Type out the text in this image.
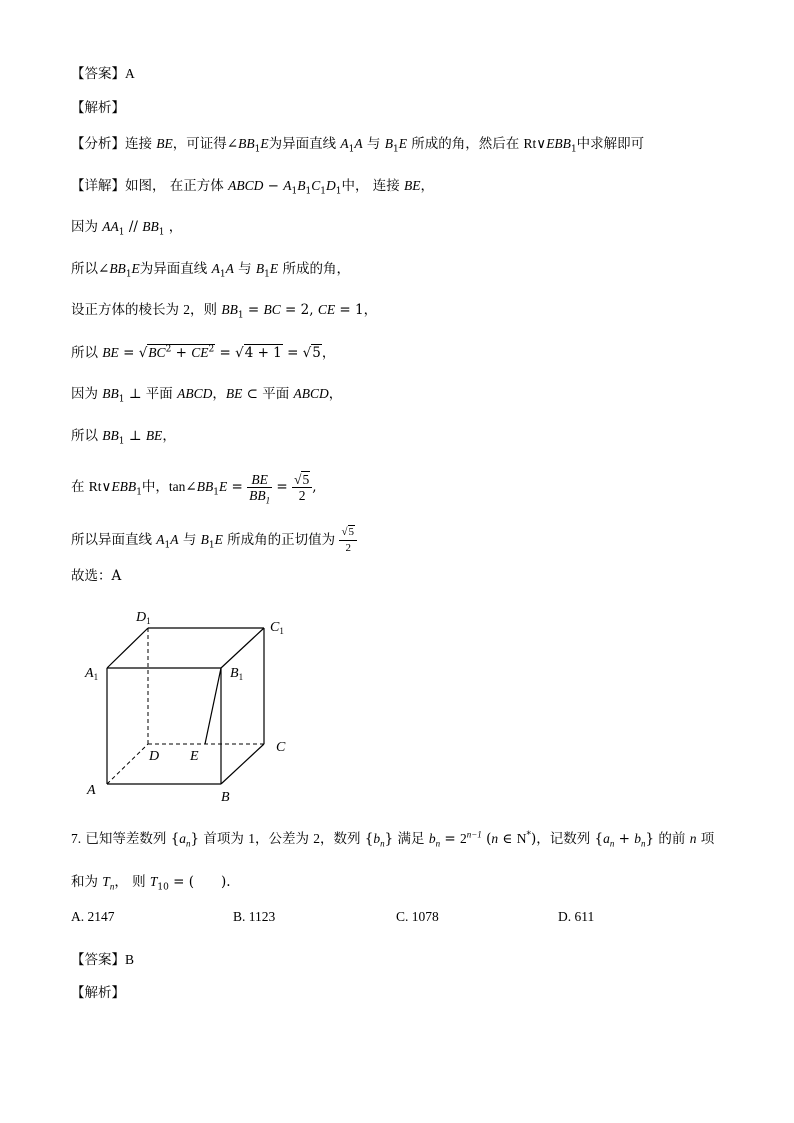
【答案】A
【解析】
【分析】连接 BE，可证得$\angle BB_1E$为异面直线 $A_1A$ 与 $B_1E$ 所成的角，然后在 $Rt\vee EBB_1$中求解即可
【详解】如图， 在正方体 ABCD − $A_1B_1C_1D_1$中， 连接 BE，
因为 $AA_1 // BB_1$ ，
所以$\angle BB_1E$为异面直线 $A_1A$ 与 $B_1E$ 所成的角，
设正方体的棱长为 2，则 $BB_1$ = BC = 2, CE = 1，
所以 BE = $√BC^2 + CE^2 = √4 + 1 = √5$，
因为 $BB_1$ ⊥ 平面 ABCD，BE ⊂ 平面 ABCD，
所以 $BB_1$ ⊥ BE，
在 $Rt\vee EBB_1$中，$\tan\angle BB_1E = \frac{BE}{BB_1} = \frac{√5}{2}$ ,
所以异面直线 $A_1A$ 与 $B_1E$ 所成角的正切值为 $\frac{√5}{2}$
故选：A
$D_1$	$C_1$
$A_1$	$B_1$
D E
C
A	B
7. 已知等差数列 $\{a_n\}$ 首项为 1，公差为 2，数列 $\{b_n\}$ 满足 $b_n = 2^{n-1}$ (n ∈ N*)，记数列 $\{a_n + b_n\}$ 的前 n 项
和为 $T_n$， 则 $T_{10}$ = (　　).
A. 2147	B. 1123	C. 1078	D. 611
【答案】B
【解析】
